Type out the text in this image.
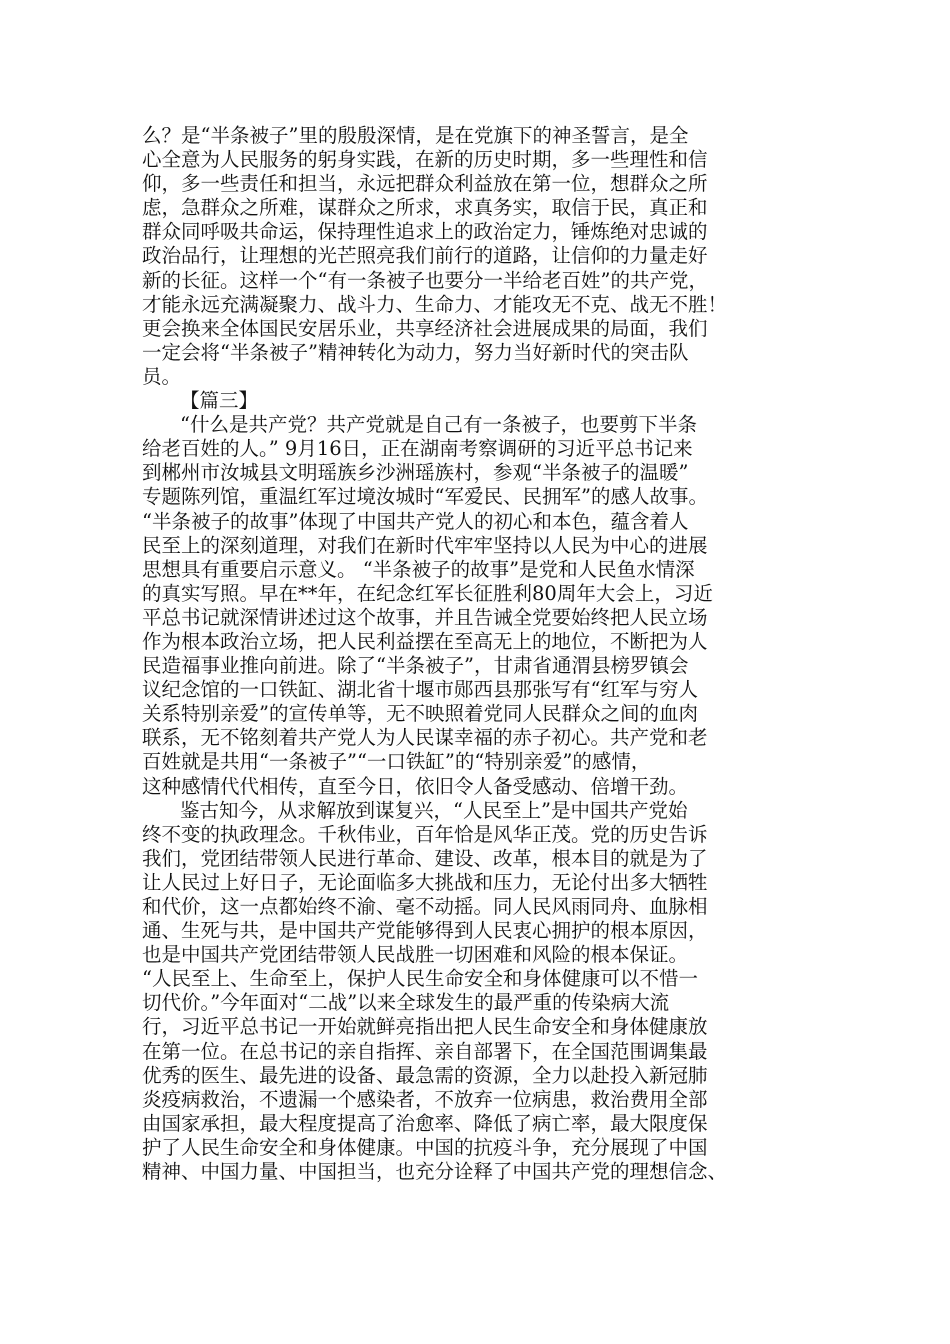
么？是“半条被子”里的殷殷深情，是在党旗下的神圣誓言，是全
心全意为人民服务的躬身实践，在新的历史时期，多一些理性和信
仰，多一些责任和担当，永远把群众利益放在第一位，想群众之所
虑，急群众之所难，谋群众之所求，求真务实，取信于民，真正和
群众同呼吸共命运，保持理性追求上的政治定力，锤炼绝对忠诚的
政治品行，让理想的光芒照亮我们前行的道路，让信仰的力量走好
新的长征。这样一个“有一条被子也要分一半给老百姓”的共产党，
才能永远充满凝聚力、战斗力、生命力、才能攻无不克、战无不胜！
更会换来全体国民安居乐业，共享经济社会进展成果的局面，我们
一定会将“半条被子”精神转化为动力，努力当好新时代的突击队
员。
【篇三】
“什么是共产党？共产党就是自己有一条被子，也要剪下半条
给老百姓的人。” 9月16日，正在湖南考察调研的习近平总书记来
到郴州市汝城县文明瑶族乡沙洲瑶族村，参观“半条被子的温暖”
专题陈列馆，重温红军过境汝城时“军爱民、民拥军”的感人故事。
“半条被子的故事”体现了中国共产党人的初心和本色，蕴含着人
民至上的深刻道理，对我们在新时代牢牢坚持以人民为中心的进展
思想具有重要启示意义。 “半条被子的故事”是党和人民鱼水情深
的真实写照。早在**年，在纪念红军长征胜利80周年大会上，习近
平总书记就深情讲述过这个故事，并且告诫全党要始终把人民立场
作为根本政治立场，把人民利益摆在至高无上的地位，不断把为人
民造福事业推向前进。除了“半条被子”，甘肃省通渭县榜罗镇会
议纪念馆的一口铁缸、湖北省十堰市郧西县那张写有“红军与穷人
关系特别亲爱”的宣传单等，无不映照着党同人民群众之间的血肉
联系，无不铭刻着共产党人为人民谋幸福的赤子初心。共产党和老
百姓就是共用“一条被子”“一口铁缸”的“特别亲爱”的感情，
这种感情代代相传，直至今日，依旧令人备受感动、倍增干劲。
鉴古知今，从求解放到谋复兴，“人民至上”是中国共产党始
终不变的执政理念。千秋伟业，百年恰是风华正茂。党的历史告诉
我们，党团结带领人民进行革命、建设、改革，根本目的就是为了
让人民过上好日子，无论面临多大挑战和压力，无论付出多大牺牲
和代价，这一点都始终不渝、毫不动摇。同人民风雨同舟、血脉相
通、生死与共，是中国共产党能够得到人民衷心拥护的根本原因，
也是中国共产党团结带领人民战胜一切困难和风险的根本保证。
“人民至上、生命至上，保护人民生命安全和身体健康可以不惜一
切代价。”今年面对“二战”以来全球发生的最严重的传染病大流
行，习近平总书记一开始就鲜亮指出把人民生命安全和身体健康放
在第一位。在总书记的亲自指挥、亲自部署下，在全国范围调集最
优秀的医生、最先进的设备、最急需的资源，全力以赴投入新冠肺
炎疫病救治，不遗漏一个感染者，不放弃一位病患，救治费用全部
由国家承担，最大程度提高了治愈率、降低了病亡率，最大限度保
护了人民生命安全和身体健康。中国的抗疫斗争，充分展现了中国
精神、中国力量、中国担当，也充分诠释了中国共产党的理想信念、
